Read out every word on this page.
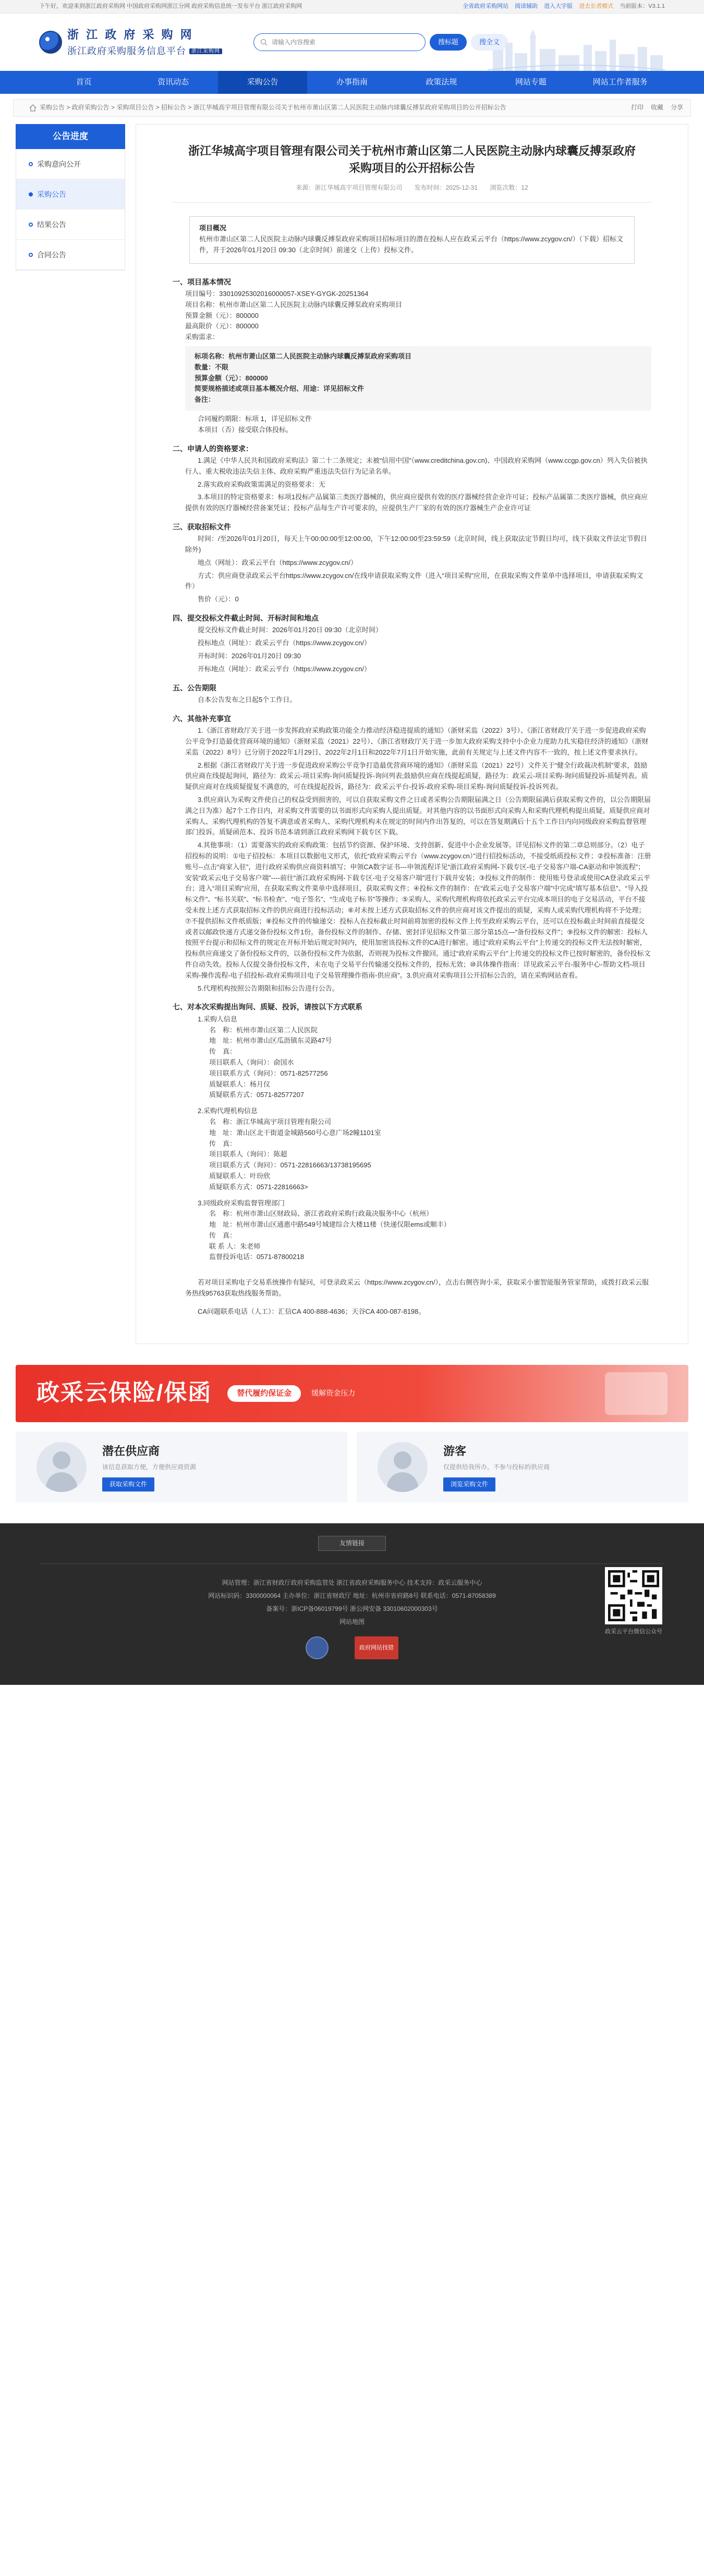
下午好，欢迎来到浙江政府采购网 中国政府采购网浙江分网 政府采购信息统一发布平台 浙江政府采购网	全省政府采购网站 阅读辅助 进入大字版 进去长者模式 当前版本：V3.1.1
浙 江 政 府 采 购 网
浙江政府采购服务信息平台 浙江采购网
请输入内容搜索
搜标题	搜全文
首页	资讯动态	采购公告	办事指南	政策法规	网站专题	网站工作者服务
采购公告 > 政府采购公告 > 采购项目公告 > 招标公告 > 浙江华城高宇项目管理有限公司关于杭州市萧山区第二人民医院主动脉内球囊反搏泵政府采购项目的公开招标公告	打印 收藏 分享
公告进度
采购意向公开
采购公告
结果公告
合同公告
浙江华城高宇项目管理有限公司关于杭州市萧山区第二人民医院主动脉内球囊反搏泵政府采购项目的公开招标公告
来源：浙江华城高宇项目管理有限公司 发布时间：2025-12-31 浏览次数：12
项目概况

杭州市萧山区第二人民医院主动脉内球囊反搏泵政府采购项目招标项目的潜在投标人应在政采云平台（https://www.zcygov.cn/）（下载）招标文件，并于2026年01月20日 09:30（北京时间）前递交（上传）投标文件。

一、项目基本情况

项目编号：33010925302016000057-XSEY-GYGK-20251364

项目名称：杭州市萧山区第二人民医院主动脉内球囊反搏泵政府采购项目

预算金额（元）：800000

最高限价（元）：800000

采购需求：

标项名称：杭州市萧山区第二人民医院主动脉内球囊反搏泵政府采购项目

数量：不限

预算金额（元）：800000

简要规格描述或项目基本概况介绍、用途：详见招标文件

备注：

合同履约期限：标项 1，详见招标文件

本项目（否）接受联合体投标。

二、申请人的资格要求：

1.满足《中华人民共和国政府采购法》第二十二条规定；未被“信用中国”（www.creditchina.gov.cn)、中国政府采购网（www.ccgp.gov.cn）列入失信被执行人、重大税收违法失信主体、政府采购严重违法失信行为记录名单。

2.落实政府采购政策需满足的资格要求：无

3.本项目的特定资格要求：标项1投标产品属第三类医疗器械的，供应商应提供有效的医疗器械经营企业许可证；投标产品属第二类医疗器械，供应商应提供有效的医疗器械经营备案凭证；投标产品每生产许可要求的，应提供生产厂家的有效的医疗器械生产企业许可证

三、获取招标文件

时间：/至2026年01月20日，每天上午00:00:00至12:00:00，下午12:00:00至23:59:59（北京时间，线上获取法定节假日均可，线下获取文件法定节假日除外)

地点（网址）：政采云平台（https://www.zcygov.cn/）

方式：供应商登录政采云平台https://www.zcygov.cn/在线申请获取采购文件（进入“项目采购”应用，在获取采购文件菜单中选择项目，申请获取采购文件）

售价（元）：0

四、提交投标文件截止时间、开标时间和地点

提交投标文件截止时间：2026年01月20日 09:30（北京时间）

投标地点（网址）：政采云平台（https://www.zcygov.cn/）

开标时间：2026年01月20日 09:30

开标地点（网址）：政采云平台（https://www.zcygov.cn/）

五、公告期限

自本公告发布之日起5个工作日。

六、其他补充事宜

1.《浙江省财政厅关于进一步发挥政府采购政策功能全力推动经济稳进提质的通知》（浙财采监（2022）3号）、《浙江省财政厅关于进一步促进政府采购公平竞争打造最优营商环境的通知》（浙财采监（2021）22号）、《浙江省财政厅关于进一步加大政府采购支持中小企业力度助力扎实稳住经济的通知》（浙财采监（2022）8号）已分别于2022年1月29日、2022年2月1日和2022年7月1日开始实施，此前有关规定与上述文件内容不一致的，按上述文件要求执行。

2.根据《浙江省财政厅关于进一步促进政府采购公平竞争打造最优营商环境的通知》（浙财采监（2021）22号）文件关于“健全行政裁决机制”要求，鼓励供应商在线提起询问，路径为：政采云-项目采购-询问质疑投诉-询问列表;鼓励供应商在线提起质疑，路径为：政采云-项目采购-询问质疑投诉-质疑列表。质疑供应商对在线质疑提复不满意的，可在线提起投诉，路径为：政采云平台-投诉-政府采购-项目采购-询问质疑投诉-投诉列表。

3.供应商认为采购文件使自己的权益受到损害的，可以自获取采购文件之日或者采购公告期限届满之日（公告期限届满后获取采购文件的，以公告期限届满之日为准）起7个工作日内，对采购文件需要的以书面形式向采购人提出质疑。对其他内容的以书面形式向采购人和采购代理机构提出质疑。质疑供应商对采购人、采购代理机构的答复不满意或者采购人、采购代理机构未在规定的时间内作出答复的，可以在答复期满后十五个工作日内向同级政府采购监督管理部门投诉。质疑函范本、投诉书范本请到浙江政府采购网下载专区下载。

4.其他事项：（1）需要落实的政府采购政策：包括节约资源、保护环境、支持创新、促进中小企业发展等。详见招标文件的第二章总则部分。（2）电子招投标的说明：①电子招投标：本项目以数据电文形式，依托“政府采购云平台（www.zcygov.cn）”进行招投标活动，不接受纸质投标文件；②投标准备：注册账号--点击“商家入驻”，进行政府采购供应商资料填写；申领CA数字证书---申领流程详见“浙江政府采购网-下载专区-电子交易客户端-CA驱动和申领流程”；安装“政采云电子交易客户端”----前往“浙江政府采购网-下载专区-电子交易客户端”进行下载并安装；③投标文件的制作：使用账号登录或使用CA登录政采云平台；进入“项目采购”应用，在获取采购文件菜单中选择项目，获取采购文件；④投标文件的制作：在“政采云电子交易客户端”中完成“填写基本信息”、“导入投标文件”、“标书关联”、“标书检查”、“电子签名”、“生成电子标书”等操作；⑤采购人、采购代理机构将依托政采云平台完成本项目的电子交易活动，平台不接受未按上述方式获取招标文件的供应商进行投标活动；⑥对未按上述方式获取招标文件的供应商对该文件提出的质疑，采购人或采购代理机构将不予处理；⑦不提供招标文件纸质版；⑧投标文件的传输递交：投标人在投标截止时间前将加密的投标文件上传至政府采购云平台，还可以在投标截止时间前直接提交或者以邮政快递方式递交备份投标文件1份。备份投标文件的制作、存储、密封详见招标文件第三部分第15点—“备份投标文件”；⑨投标文件的解密：投标人按照平台提示和招标文件的规定在开标开始后规定时间内，使用加密该投标文件的CA进行解密。通过“政府采购云平台”上传递交的投标文件无法按时解密，投标供应商递交了备份投标文件的，以备份投标文件为依据，否则视为投标文件撤回。通过“政府采购云平台”上传递交的投标文件已按时解密的，备份投标文件自动失效。投标人仅提交备份投标文件，未在电子交易平台传输递交投标文件的，投标无效；⑩具体操作指南：详见政采云平台-服务中心-帮助文档-项目采购-操作流程-电子招投标-政府采购项目电子交易管理操作指南-供应商”。3.供应商对采购项目公开招标公告的，请在采购网站查看。

5.代理机构按照公告期限和招标公告进行公告。

七、对本次采购提出询问、质疑、投诉，请按以下方式联系

1.采购人信息

名　称：杭州市萧山区第二人民医院

地　址：杭州市萧山区瓜沥镇东灵路47号

传　真：

项目联系人（询问）：俞国水

项目联系方式（询问）：0571-82577256

质疑联系人：杨月仪

质疑联系方式：0571-82577207

2.采购代理机构信息

名　称：浙江华城高宇项目管理有限公司

地　址：萧山区北干街道金城路560号心意广场2幢1101室

传　真：

项目联系人（询问）：陈超

项目联系方式（询问）：0571-22816663/13738195695

质疑联系人：叶玢欣

质疑联系方式：0571-22816663>

3.同级政府采购监督管理部门

名　称：杭州市萧山区财政局、浙江省政府采购行政裁决服务中心（杭州）

地　址：杭州市萧山区通惠中路549号城建综合大楼11楼（快递仅限ems或顺丰）

传　真：

联 系 人：朱老师

监督投诉电话：0571-87800218

若对项目采购电子交易系统操作有疑问，可登录政采云（https://www.zcygov.cn/），点击右侧咨询小采，获取采小蜜智能服务管家帮助，或拨打政采云服务热线95763获取热线服务帮助。

CA问题联系电话（人工）：汇信CA 400-888-4636；天谷CA 400-087-8198。

政采云保险/保函	替代履约保证金	缓解资金压力
潜在供应商
该信息获取方便，方便供应商资源
获取采购文件
游客
仅提供给我所办，不参与投标的供应商
浏览采购文件
友情链接
网站管理：浙江省财政厅政府采购监管处 浙江省政府采购服务中心 技术支持：政采云服务中心
网站标识码：3300000064 主办单位：浙江省财政厅 地址：杭州市省府路8号 联系电话：0571-87058389
备案号：浙ICP备06019799号 浙公网安备 33010602000303号
网站地图
政府网站找错
政采云平台微信公众号
